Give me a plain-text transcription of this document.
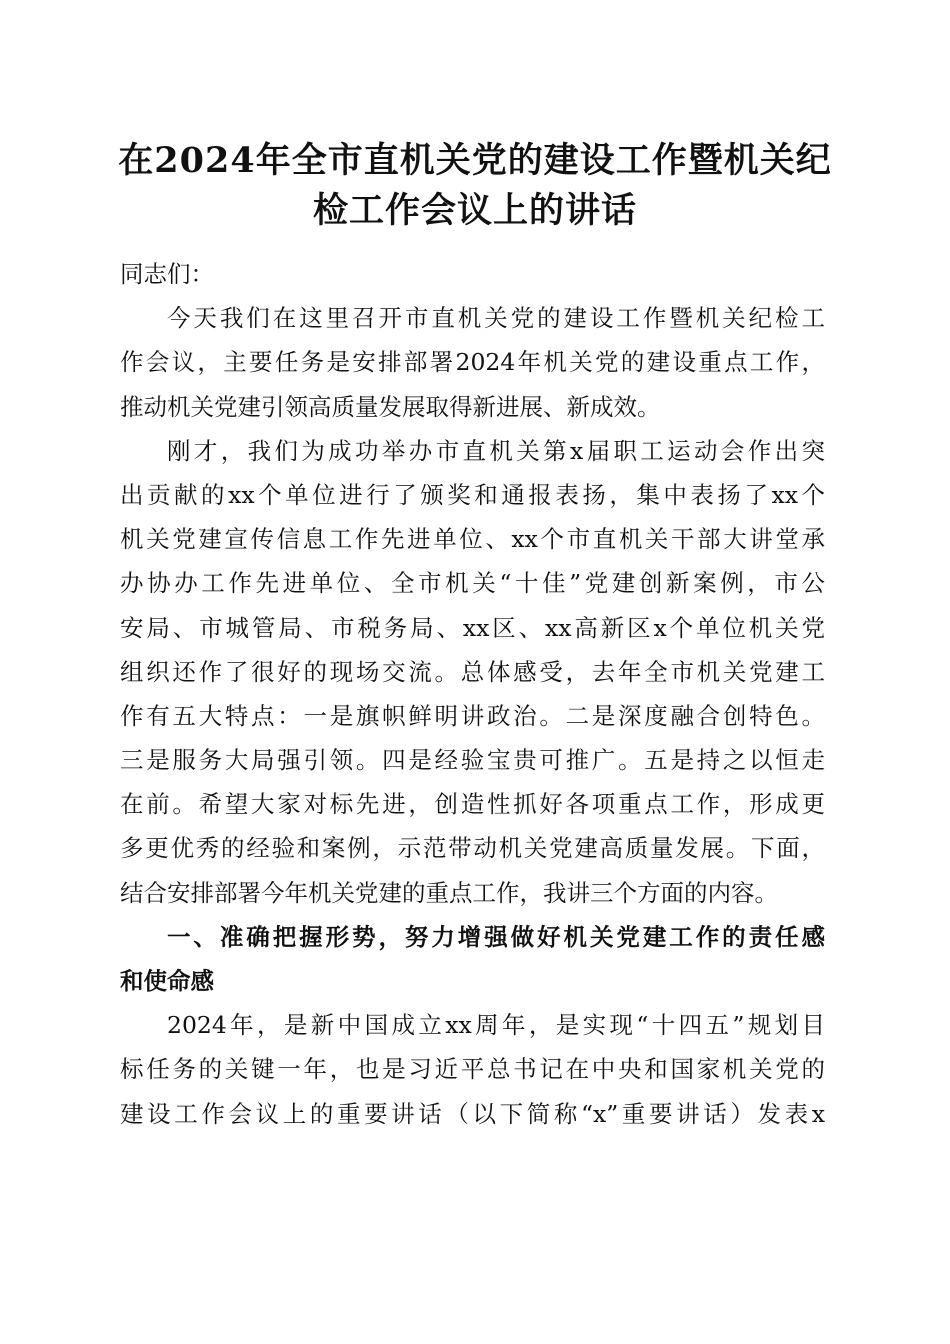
在2024年全市直机关党的建设工作暨机关纪
检工作会议上的讲话
同志们：
今天我们在这里召开市直机关党的建设工作暨机关纪检工
作会议，主要任务是安排部署2024年机关党的建设重点工作，
推动机关党建引领高质量发展取得新进展、新成效。
刚才，我们为成功举办市直机关第x届职工运动会作出突
出贡献的xx个单位进行了颁奖和通报表扬，集中表扬了xx个
机关党建宣传信息工作先进单位、xx个市直机关干部大讲堂承
办协办工作先进单位、全市机关“十佳”党建创新案例，市公
安局、市城管局、市税务局、xx区、xx高新区x个单位机关党
组织还作了很好的现场交流。总体感受，去年全市机关党建工
作有五大特点：一是旗帜鲜明讲政治。二是深度融合创特色。
三是服务大局强引领。四是经验宝贵可推广。五是持之以恒走
在前。希望大家对标先进，创造性抓好各项重点工作，形成更
多更优秀的经验和案例，示范带动机关党建高质量发展。下面，
结合安排部署今年机关党建的重点工作，我讲三个方面的内容。
一、准确把握形势，努力增强做好机关党建工作的责任感
和使命感
2024年，是新中国成立xx周年，是实现“十四五”规划目
标任务的关键一年，也是习近平总书记在中央和国家机关党的
建设工作会议上的重要讲话（以下简称“x”重要讲话）发表x
